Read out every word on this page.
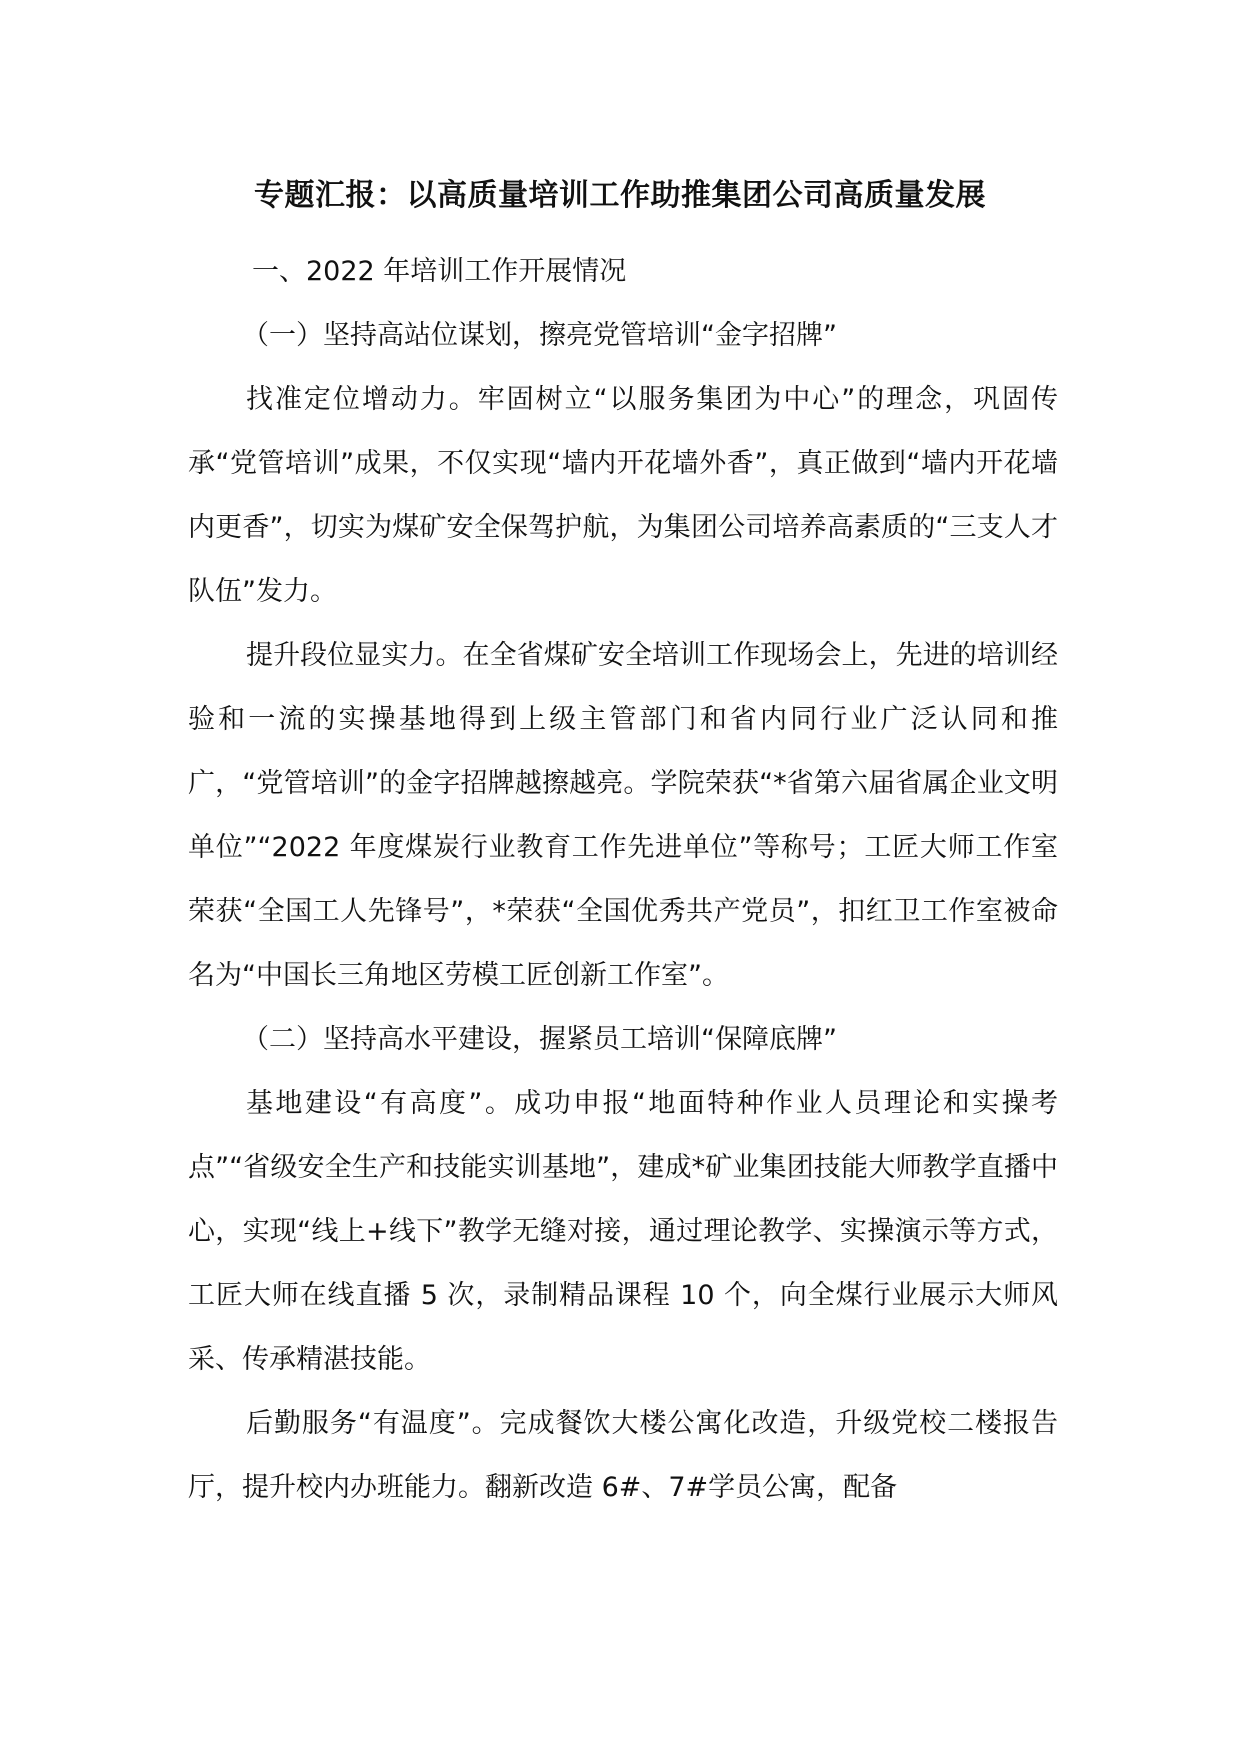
专题汇报：以高质量培训工作助推集团公司高质量发展

一、2022 年培训工作开展情况

（一）坚持高站位谋划，擦亮党管培训“金字招牌”

找准定位增动力。牢固树立“以服务集团为中心”的理念，巩固传承“党管培训”成果，不仅实现“墙内开花墙外香”，真正做到“墙内开花墙内更香”，切实为煤矿安全保驾护航，为集团公司培养高素质的“三支人才队伍”发力。

提升段位显实力。在全省煤矿安全培训工作现场会上，先进的培训经验和一流的实操基地得到上级主管部门和省内同行业广泛认同和推广，“党管培训”的金字招牌越擦越亮。学院荣获“*省第六届省属企业文明单位”“2022 年度煤炭行业教育工作先进单位”等称号；工匠大师工作室荣获“全国工人先锋号”，*荣获“全国优秀共产党员”，扣红卫工作室被命名为“中国长三角地区劳模工匠创新工作室”。

（二）坚持高水平建设，握紧员工培训“保障底牌”

基地建设“有高度”。成功申报“地面特种作业人员理论和实操考点”“省级安全生产和技能实训基地”，建成*矿业集团技能大师教学直播中心，实现“线上+线下”教学无缝对接，通过理论教学、实操演示等方式，工匠大师在线直播 5 次，录制精品课程 10 个，向全煤行业展示大师风采、传承精湛技能。

后勤服务“有温度”。完成餐饮大楼公寓化改造，升级党校二楼报告厅，提升校内办班能力。翻新改造 6#、7#学员公寓，配备
